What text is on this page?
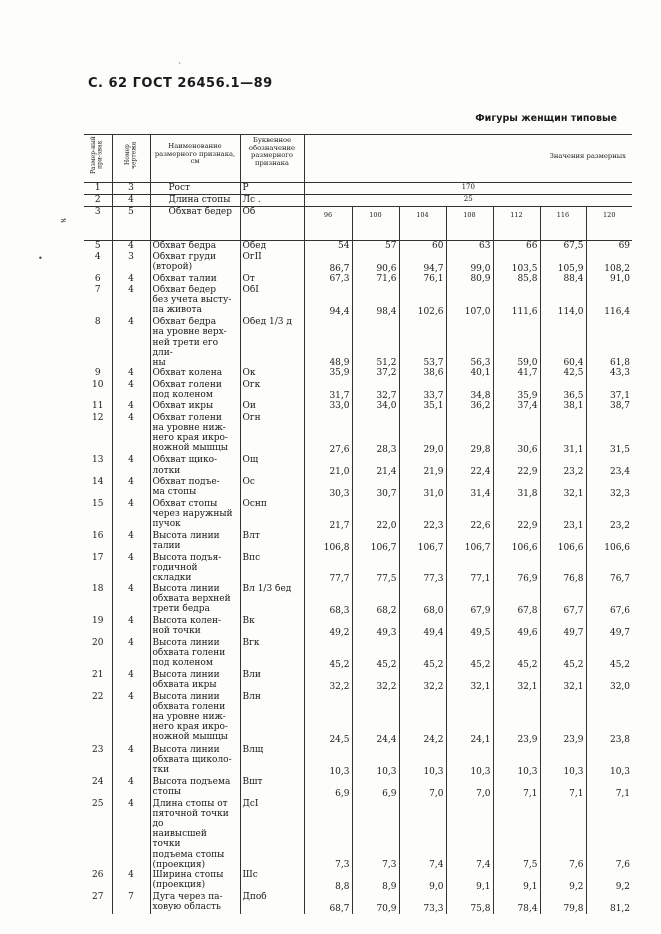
С. 62 ГОСТ 26456.1—89
Фигуры женщин типовые
`
≠
•
Размер-ный при-знак	Номер чертежа	Наименование размерного признака, см	Буквенное обозначение размерного признака	Значения размерных						
1	3	Рост	Р	170						
2	4	Длина стопы	Лс .	25						
3	5	Обхват бедер	Об	96	100	104	108	112	116	120
5	4	Обхват бедра	Обед	54	57	60	63	66	67,5	69
4	3	Обхват груди
(второй)	ОгII	86,7	90,6	94,7	99,0	103,5	105,9	108,2
6	4	Обхват талии	От	67,3	71,6	76,1	80,9	85,8	88,4	91,0
7	4	Обхват бедер
без учета высту-
па живота	ОбI	94,4	98,4	102,6	107,0	111,6	114,0	116,4
8	4	Обхват бедра
на уровне верх-
ней трети его дли-
ны	Обед 1/3 д	48,9	51,2	53,7	56,3	59,0	60,4	61,8
9	4	Обхват колена	Ок	35,9	37,2	38,6	40,1	41,7	42,5	43,3
10	4	Обхват голени
под коленом	Огк	31,7	32,7	33,7	34,8	35,9	36,5	37,1
11	4	Обхват икры	Ои	33,0	34,0	35,1	36,2	37,4	38,1	38,7
12	4	Обхват голени
на уровне ниж-
него края икро-
ножной мышцы	Огн	27,6	28,3	29,0	29,8	30,6	31,1	31,5
13	4	Обхват щико-
лотки	Ощ	21,0	21,4	21,9	22,4	22,9	23,2	23,4
14	4	Обхват подъе-
ма стопы	Ос	30,3	30,7	31,0	31,4	31,8	32,1	32,3
15	4	Обхват стопы
через наружный
пучок	Оснп	21,7	22,0	22,3	22,6	22,9	23,1	23,2
16	4	Высота линии
талии	Влт	106,8	106,7	106,7	106,7	106,6	106,6	106,6
17	4	Высота подъя-
годичной складки	Впс	77,7	77,5	77,3	77,1	76,9	76,8	76,7
18	4	Высота линии
обхвата верхней
трети бедра	Вл 1/3 бед	68,3	68,2	68,0	67,9	67,8	67,7	67,6
19	4	Высота колен-
ной точки	Вк	49,2	49,3	49,4	49,5	49,6	49,7	49,7
20	4	Высота линии
обхвата голени
под коленом	Вгк	45,2	45,2	45,2	45,2	45,2	45,2	45,2
21	4	Высота линии
обхвата икры	Вли	32,2	32,2	32,2	32,1	32,1	32,1	32,0
22	4	Высота линии
обхвата голени
на уровне ниж-
него края икро-
ножной мышцы	Влн	24,5	24,4	24,2	24,1	23,9	23,9	23,8
23	4	Высота линии
обхвата щиколо-
тки	Влщ	10,3	10,3	10,3	10,3	10,3	10,3	10,3
24	4	Высота подъема
стопы	Вшт	6,9	6,9	7,0	7,0	7,1	7,1	7,1
25	4	Длина стопы от
пяточной точки до
наивысшей точки
подъема стопы
(проекция)	ДсI	7,3	7,3	7,4	7,4	7,5	7,6	7,6
26	4	Ширина стопы
(проекция)	Шс	8,8	8,9	9,0	9,1	9,1	9,2	9,2
27	7	Дуга через па-
ховую область	Дпоб	68,7	70,9	73,3	75,8	78,4	79,8	81,2
